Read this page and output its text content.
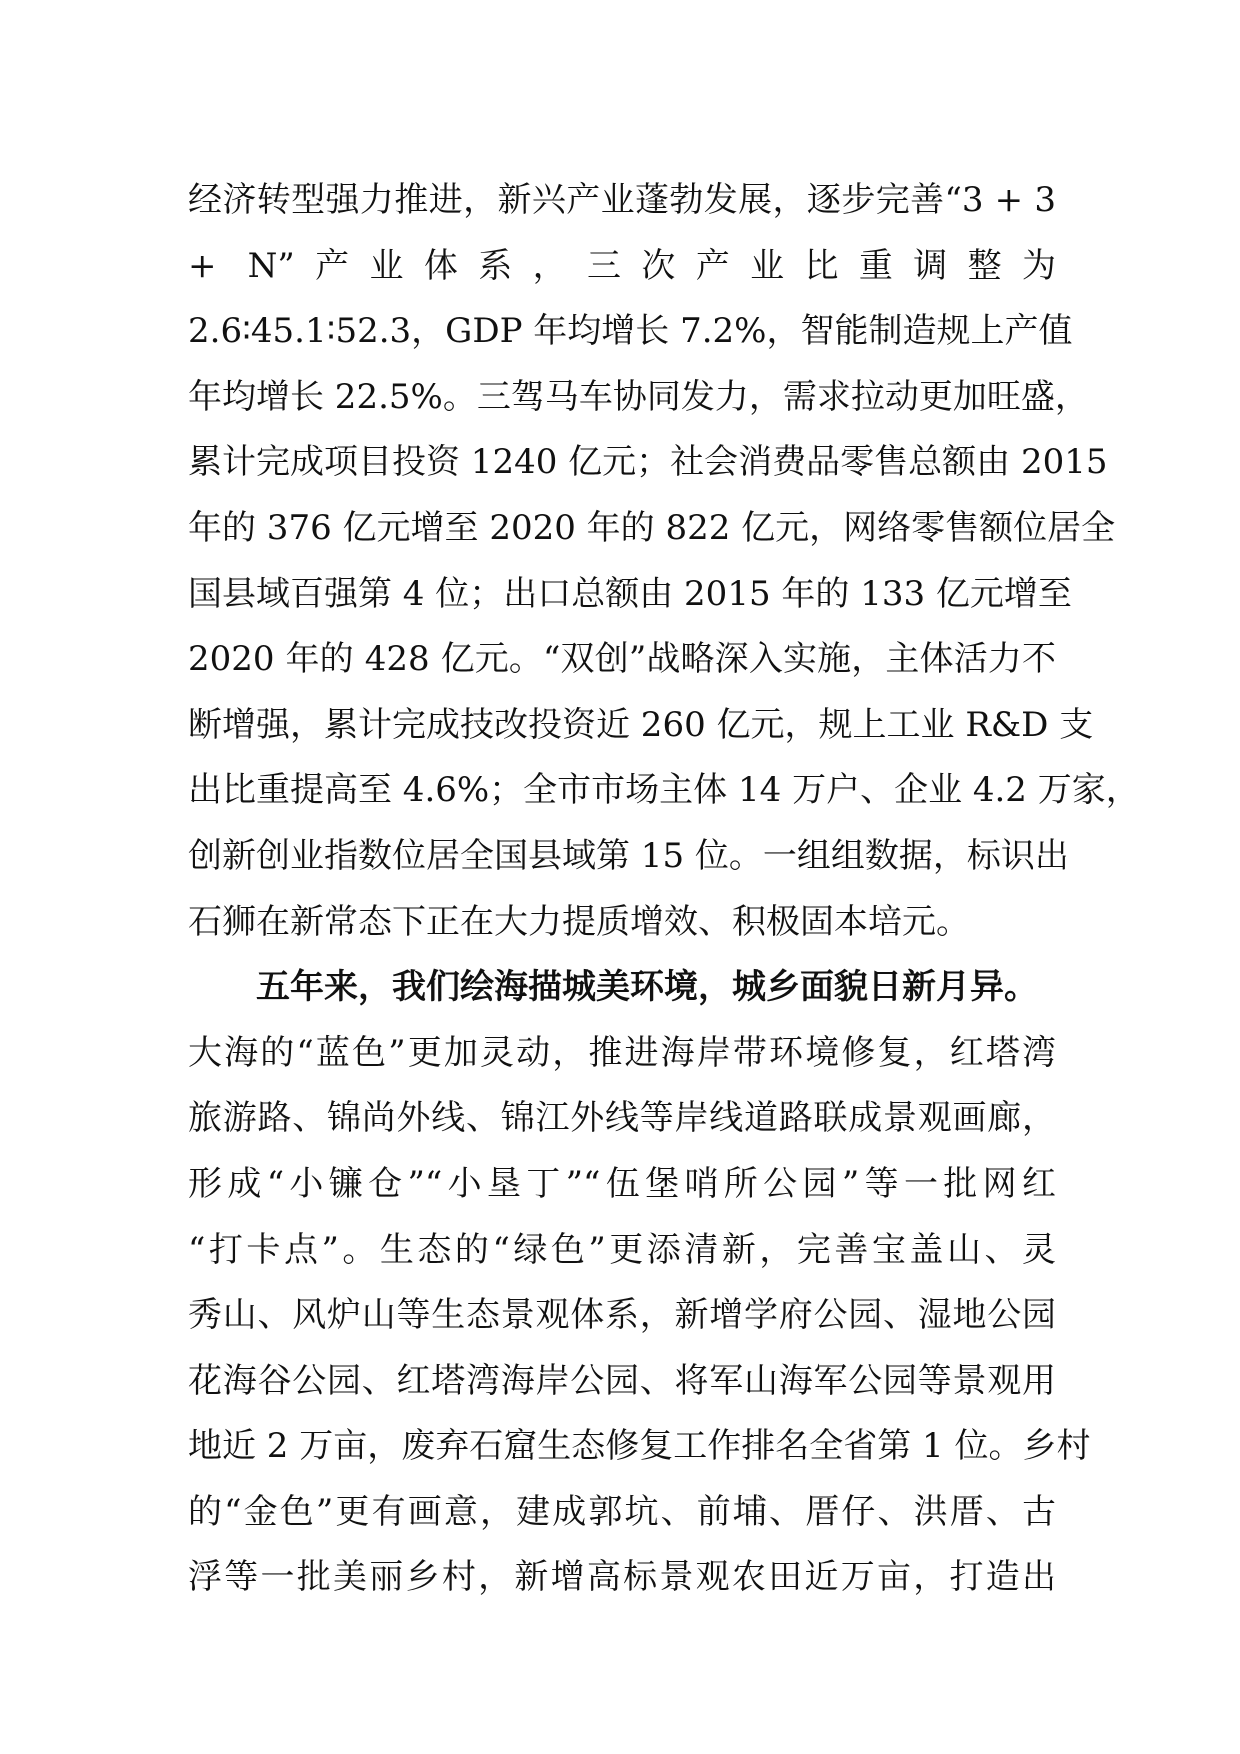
经济转型强力推进，新兴产业蓬勃发展，逐步完善“3 + 3
+ N”产业体系，三次产业比重调整为
2.6∶45.1∶52.3，GDP 年均增长 7.2%，智能制造规上产值
年均增长 22.5%。三驾马车协同发力，需求拉动更加旺盛，
累计完成项目投资 1240 亿元；社会消费品零售总额由 2015
年的 376 亿元增至 2020 年的 822 亿元，网络零售额位居全
国县域百强第 4 位；出口总额由 2015 年的 133 亿元增至
2020 年的 428 亿元。“双创”战略深入实施，主体活力不
断增强，累计完成技改投资近 260 亿元，规上工业 R&D 支
出比重提高至 4.6%；全市市场主体 14 万户、企业 4.2 万家，
创新创业指数位居全国县域第 15 位。一组组数据，标识出
石狮在新常态下正在大力提质增效、积极固本培元。
五年来，我们绘海描城美环境，城乡面貌日新月异。
大海的“蓝色”更加灵动，推进海岸带环境修复，红塔湾
旅游路、锦尚外线、锦江外线等岸线道路联成景观画廊，
形成“小镰仓”“小垦丁”“伍堡哨所公园”等一批网红
“打卡点”。生态的“绿色”更添清新，完善宝盖山、灵
秀山、风炉山等生态景观体系，新增学府公园、湿地公园
花海谷公园、红塔湾海岸公园、将军山海军公园等景观用
地近 2 万亩，废弃石窟生态修复工作排名全省第 1 位。乡村
的“金色”更有画意，建成郭坑、前埔、厝仔、洪厝、古
浮等一批美丽乡村，新增高标景观农田近万亩，打造出
